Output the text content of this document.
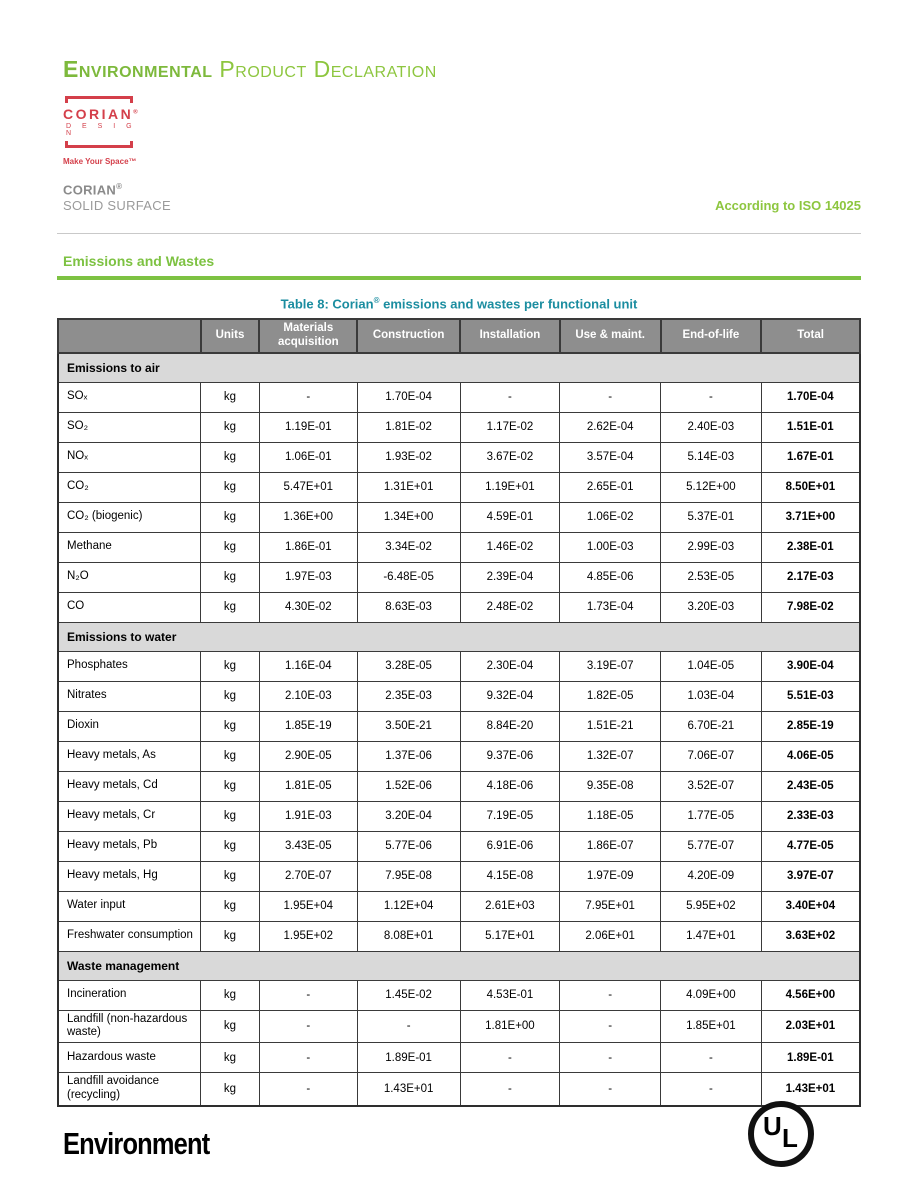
Environmental Product Declaration
CORIAN®
D E S I G N
Make Your Space™
CORIAN®
SOLID SURFACE	According to ISO 14025
Emissions and Wastes
Table 8: Corian® emissions and wastes per functional unit
	Units	Materials acquisition	Construction	Installation	Use & maint.	End-of-life	Total
Emissions to air							
SOₓ	kg	-	1.70E-04	-	-	-	1.70E-04
SO₂	kg	1.19E-01	1.81E-02	1.17E-02	2.62E-04	2.40E-03	1.51E-01
NOₓ	kg	1.06E-01	1.93E-02	3.67E-02	3.57E-04	5.14E-03	1.67E-01
CO₂	kg	5.47E+01	1.31E+01	1.19E+01	2.65E-01	5.12E+00	8.50E+01
CO₂ (biogenic)	kg	1.36E+00	1.34E+00	4.59E-01	1.06E-02	5.37E-01	3.71E+00
Methane	kg	1.86E-01	3.34E-02	1.46E-02	1.00E-03	2.99E-03	2.38E-01
N₂O	kg	1.97E-03	-6.48E-05	2.39E-04	4.85E-06	2.53E-05	2.17E-03
CO	kg	4.30E-02	8.63E-03	2.48E-02	1.73E-04	3.20E-03	7.98E-02
Emissions to water							
Phosphates	kg	1.16E-04	3.28E-05	2.30E-04	3.19E-07	1.04E-05	3.90E-04
Nitrates	kg	2.10E-03	2.35E-03	9.32E-04	1.82E-05	1.03E-04	5.51E-03
Dioxin	kg	1.85E-19	3.50E-21	8.84E-20	1.51E-21	6.70E-21	2.85E-19
Heavy metals, As	kg	2.90E-05	1.37E-06	9.37E-06	1.32E-07	7.06E-07	4.06E-05
Heavy metals, Cd	kg	1.81E-05	1.52E-06	4.18E-06	9.35E-08	3.52E-07	2.43E-05
Heavy metals, Cr	kg	1.91E-03	3.20E-04	7.19E-05	1.18E-05	1.77E-05	2.33E-03
Heavy metals, Pb	kg	3.43E-05	5.77E-06	6.91E-06	1.86E-07	5.77E-07	4.77E-05
Heavy metals, Hg	kg	2.70E-07	7.95E-08	4.15E-08	1.97E-09	4.20E-09	3.97E-07
Water input	kg	1.95E+04	1.12E+04	2.61E+03	7.95E+01	5.95E+02	3.40E+04
Freshwater consumption	kg	1.95E+02	8.08E+01	5.17E+01	2.06E+01	1.47E+01	3.63E+02
Waste management							
Incineration	kg	-	1.45E-02	4.53E-01	-	4.09E+00	4.56E+00
Landfill (non-hazardous waste)	kg	-	-	1.81E+00	-	1.85E+01	2.03E+01
Hazardous waste	kg	-	1.89E-01	-	-	-	1.89E-01
Landfill avoidance (recycling)	kg	-	1.43E+01	-	-	-	1.43E+01
Environment	U L
